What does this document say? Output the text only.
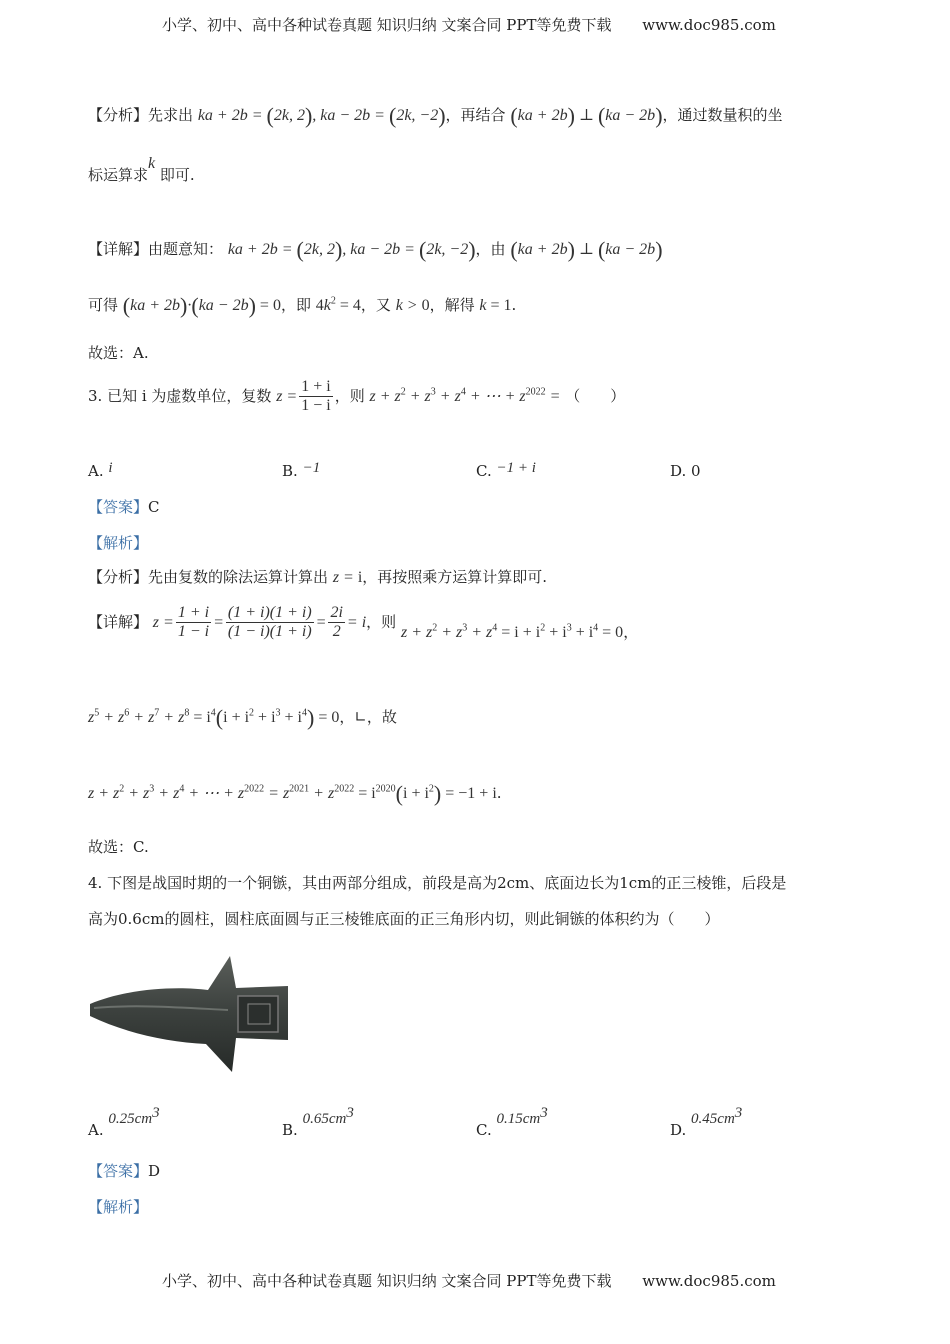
小学、初中、高中各种试卷真题 知识归纳 文案合同 PPT等免费下载 www.doc985.com
【分析】先求出 ka + 2b = (2k, 2), ka − 2b = (2k, −2)，再结合 (ka + 2b) ⊥ (ka − 2b)，通过数量积的坐
标运算求k 即可.
【详解】由题意知： ka + 2b = (2k, 2), ka − 2b = (2k, −2)，由 (ka + 2b) ⊥ (ka − 2b)
可得 (ka + 2b)·(ka − 2b) = 0，即 $4k^2 = 4$，又 k > 0，解得 k = 1.
故选：A.
3. 已知 i 为虚数单位，复数 $z = \frac{1 + i}{1 - i}$ ，则 $z + z^2 + z^3 + z^4$ + ⋯ + $z^{2022}$ = （　　）
A. i	B. −1	C. −1 + i	D. 0
【答案】C
【解析】
【分析】先由复数的除法运算计算出 z = i，再按照乘方运算计算即可.
【详解】 $z = \frac{1 + i}{1 - i} = \frac{(1 + i)(1 + i)}{(1 - i)(1 + i)} = \frac{2i}{2} = i$，则 $z + z^2 + z^3 + z^4 = i + i^2 + i^3 + i^4 = 0$，
$z^5 + z^6 + z^7 + z^8 = i^4(i + i^2 + i^3 + i^4) = 0$，∟，故
$z + z^2 + z^3 + z^4$ + ⋯ + $z^{2022} = z^{2021} + z^{2022} = i^{2020}(i + i^2) = -1 + i$.
故选：C.
4. 下图是战国时期的一个铜镞，其由两部分组成，前段是高为2cm、底面边长为1cm的正三棱锥，后段是
高为0.6cm的圆柱，圆柱底面圆与正三棱锥底面的正三角形内切，则此铜镞的体积约为（　　）
A. $0.25cm^3$
B. $0.65cm^3$
C. $0.15cm^3$
D. $0.45cm^3$
【答案】D
【解析】
小学、初中、高中各种试卷真题 知识归纳 文案合同 PPT等免费下载 www.doc985.com
